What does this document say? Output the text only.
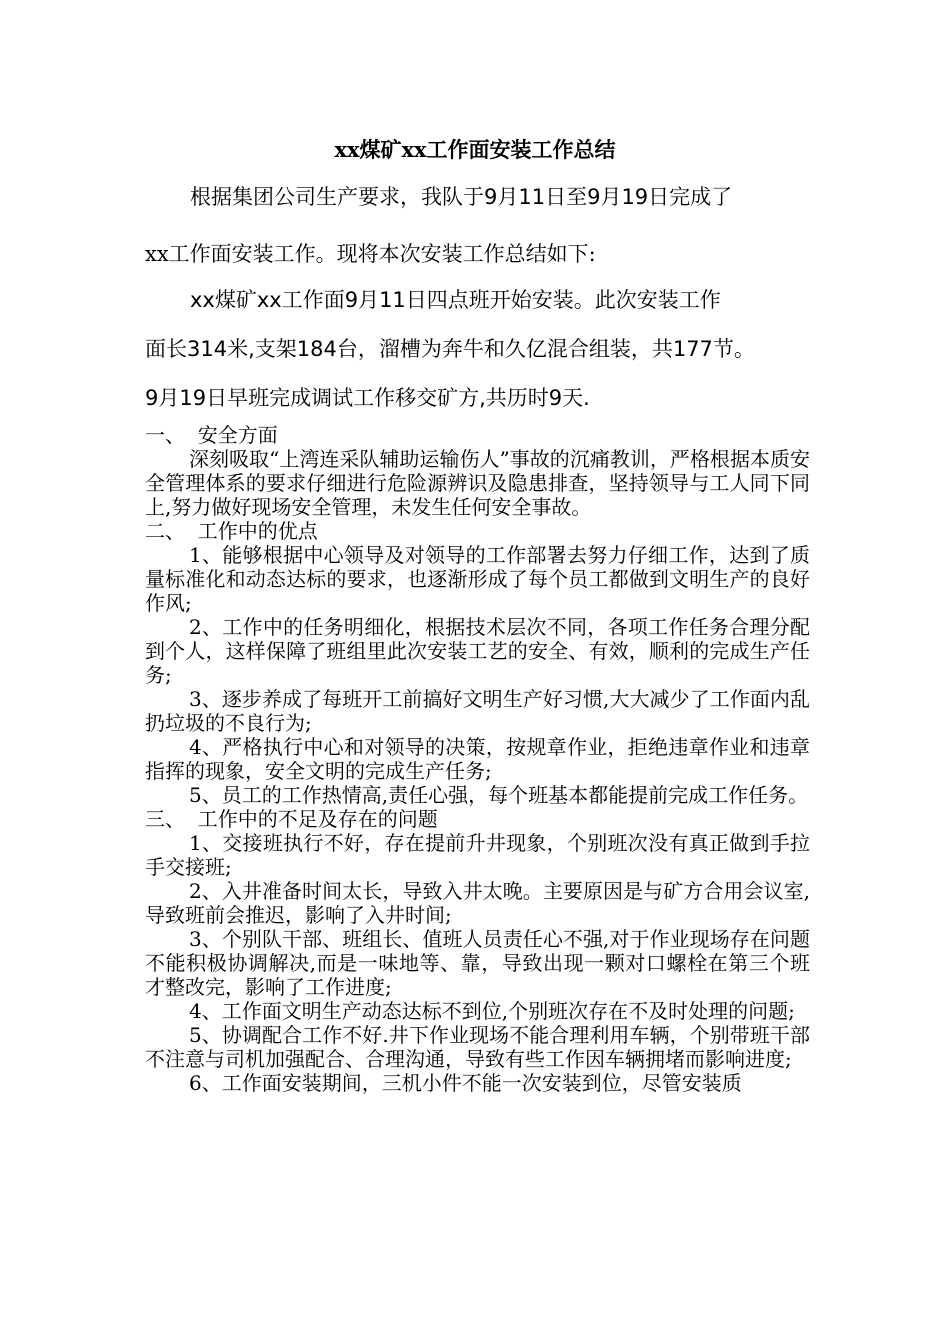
xx煤矿xx工作面安装工作总结
根据集团公司生产要求，我队于9月11日至9月19日完成了
xx工作面安装工作。现将本次安装工作总结如下:
xx煤矿xx工作面9月11日四点班开始安装。此次安装工作
面长314米,支架184台，溜槽为奔牛和久亿混合组装，共177节。
9月19日早班完成调试工作移交矿方,共历时9天.

一、  安全方面

深刻吸取“上湾连采队辅助运输伤人”事故的沉痛教训，严格根据本质安全管理体系的要求仔细进行危险源辨识及隐患排查，坚持领导与工人同下同上,努力做好现场安全管理，未发生任何安全事故。

二、  工作中的优点

1、能够根据中心领导及对领导的工作部署去努力仔细工作，达到了质量标准化和动态达标的要求，也逐渐形成了每个员工都做到文明生产的良好作风;

2、工作中的任务明细化，根据技术层次不同，各项工作任务合理分配到个人，这样保障了班组里此次安装工艺的安全、有效，顺利的完成生产任务;

3、逐步养成了每班开工前搞好文明生产好习惯,大大减少了工作面内乱扔垃圾的不良行为;

4、严格执行中心和对领导的决策，按规章作业，拒绝违章作业和违章指挥的现象，安全文明的完成生产任务;

5、员工的工作热情高,责任心强，每个班基本都能提前完成工作任务。

三、  工作中的不足及存在的问题

1、交接班执行不好，存在提前升井现象，个别班次没有真正做到手拉手交接班;

2、入井准备时间太长，导致入井太晚。主要原因是与矿方合用会议室,导致班前会推迟，影响了入井时间;

3、个别队干部、班组长、值班人员责任心不强,对于作业现场存在问题不能积极协调解决,而是一味地等、靠，导致出现一颗对口螺栓在第三个班才整改完，影响了工作进度;

4、工作面文明生产动态达标不到位,个别班次存在不及时处理的问题;

5、协调配合工作不好.井下作业现场不能合理利用车辆，个别带班干部不注意与司机加强配合、合理沟通，导致有些工作因车辆拥堵而影响进度;

6、工作面安装期间，三机小件不能一次安装到位，尽管安装质
